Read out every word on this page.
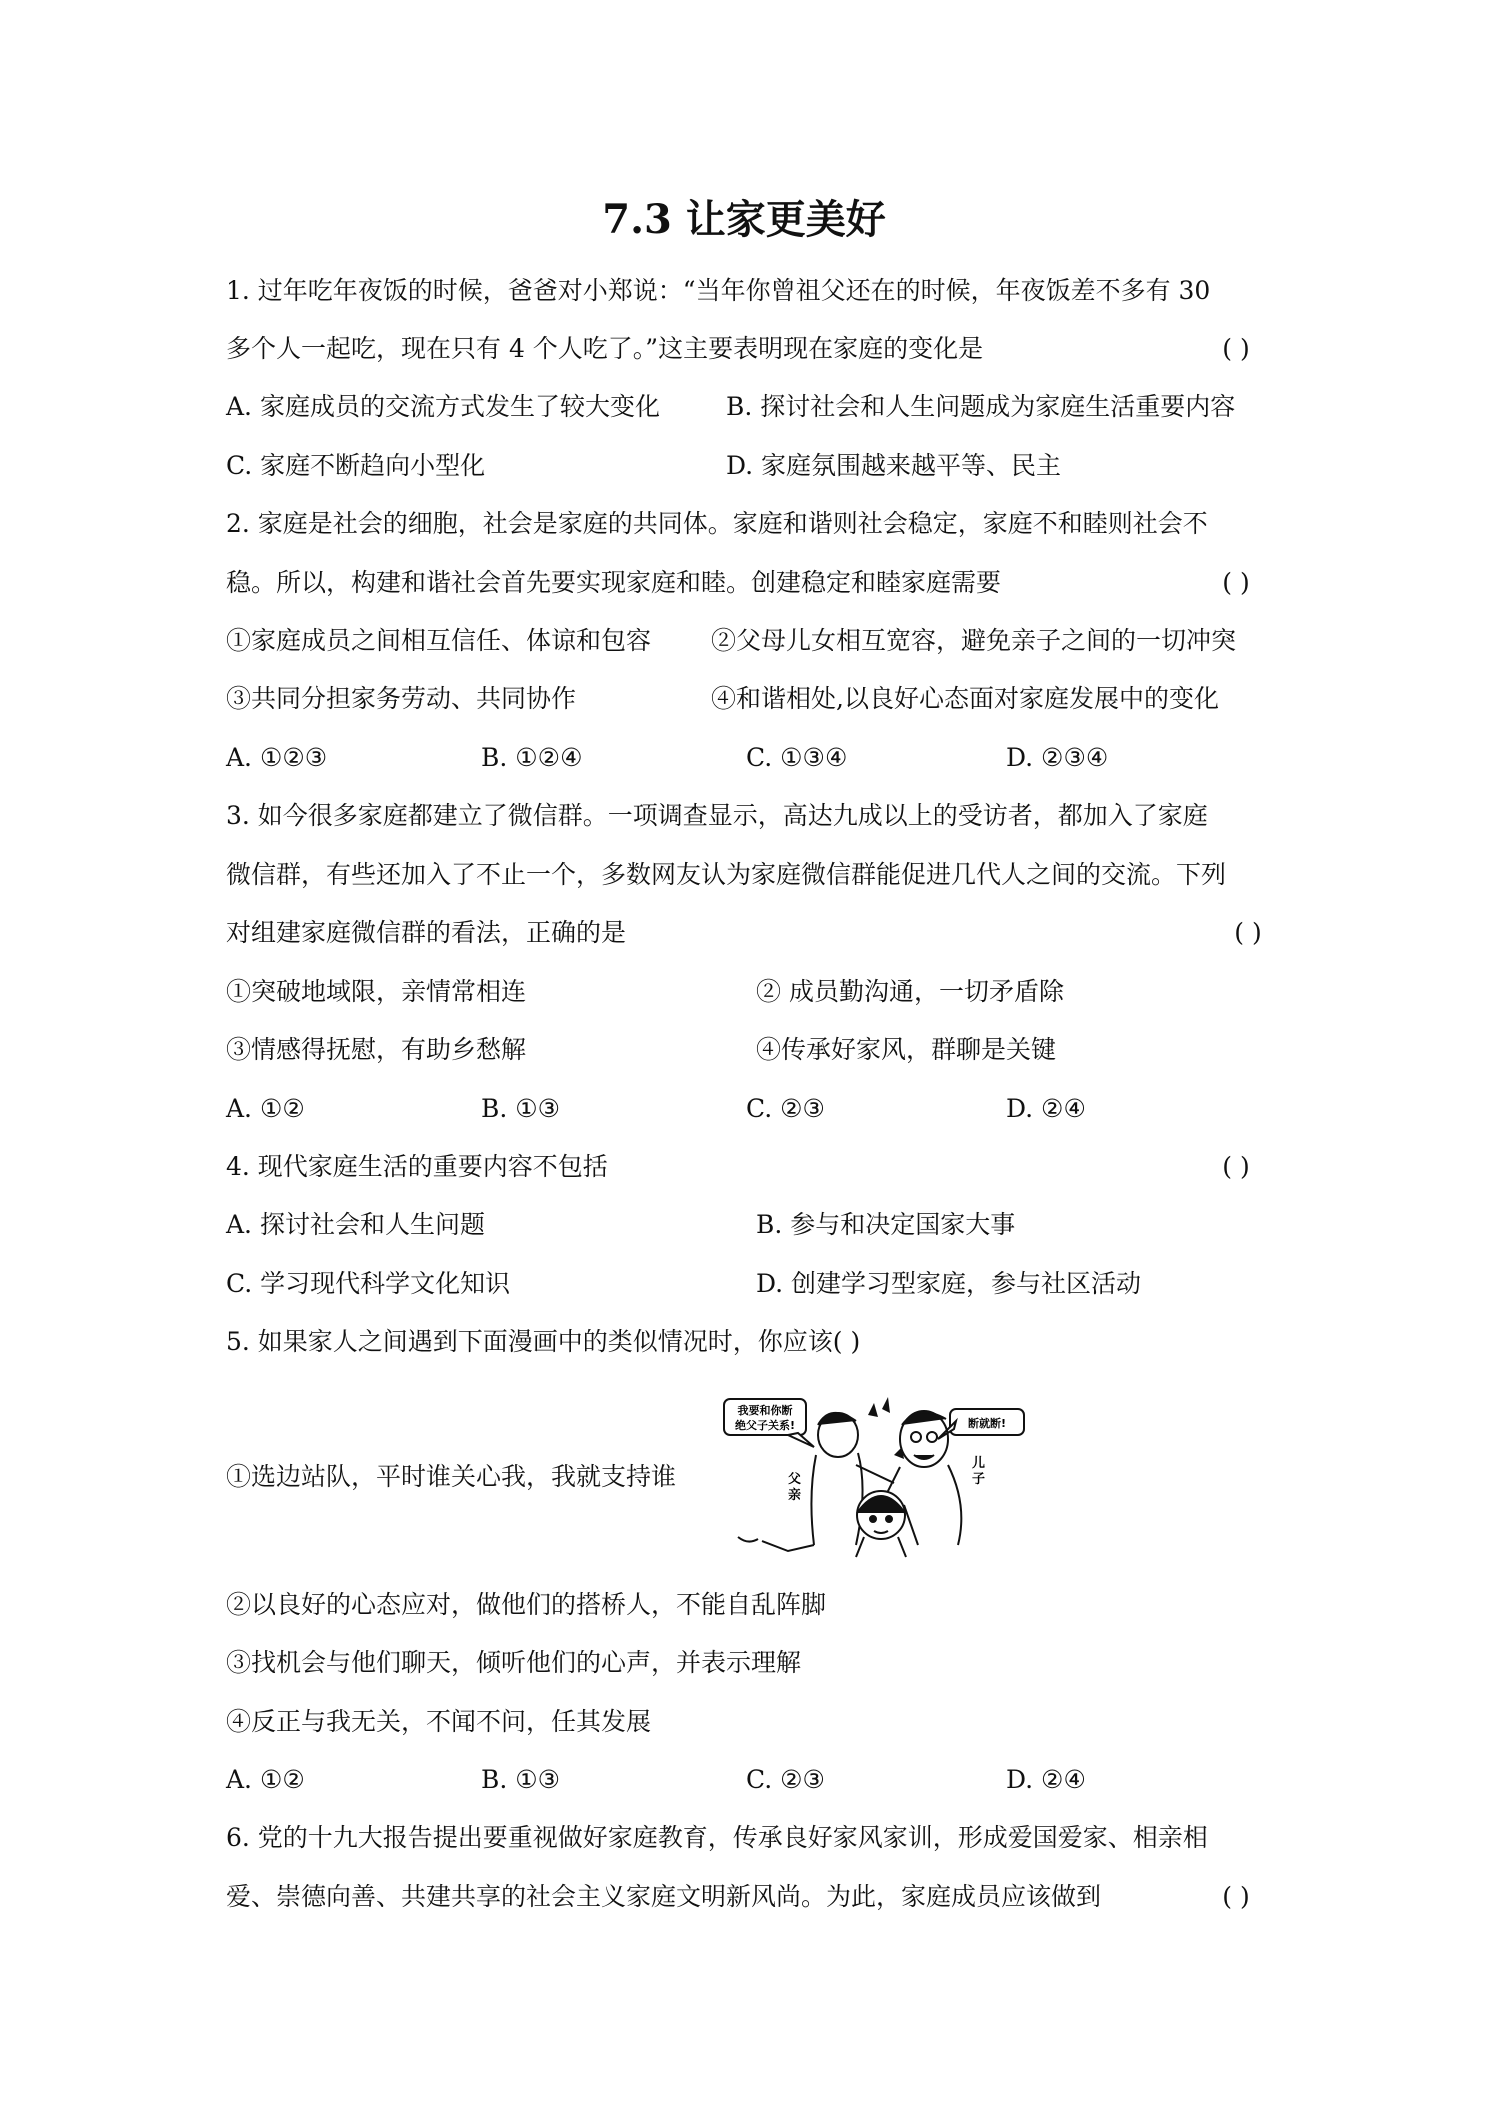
7.3 让家更美好
1. 过年吃年夜饭的时候，爸爸对小郑说：“当年你曾祖父还在的时候，年夜饭差不多有 30
多个人一起吃，现在只有 4 个人吃了。”这主要表明现在家庭的变化是	( )
A. 家庭成员的交流方式发生了较大变化	B. 探讨社会和人生问题成为家庭生活重要内容
C. 家庭不断趋向小型化	D. 家庭氛围越来越平等、民主
2. 家庭是社会的细胞，社会是家庭的共同体。家庭和谐则社会稳定，家庭不和睦则社会不
稳。所以，构建和谐社会首先要实现家庭和睦。创建稳定和睦家庭需要	( )
①家庭成员之间相互信任、体谅和包容 ②父母儿女相互宽容，避免亲子之间的一切冲突
③共同分担家务劳动、共同协作	④和谐相处,以良好心态面对家庭发展中的变化
A. ①②③	B. ①②④	C. ①③④	D. ②③④
3. 如今很多家庭都建立了微信群。一项调查显示，高达九成以上的受访者，都加入了家庭
微信群，有些还加入了不止一个，多数网友认为家庭微信群能促进几代人之间的交流。下列
对组建家庭微信群的看法，正确的是	( )
①突破地域限，亲情常相连	② 成员勤沟通，一切矛盾除
③情感得抚慰，有助乡愁解	④传承好家风，群聊是关键
A. ①②	B. ①③	C. ②③	D. ②④
4. 现代家庭生活的重要内容不包括	( )
A. 探讨社会和人生问题	B. 参与和决定国家大事
C. 学习现代科学文化知识	D. 创建学习型家庭，参与社区活动
5. 如果家人之间遇到下面漫画中的类似情况时，你应该( )
①选边站队，平时谁关心我，我就支持谁
我要和你断
绝父子关系!	断就断!
父
亲
儿
子
②以良好的心态应对，做他们的搭桥人，不能自乱阵脚
③找机会与他们聊天，倾听他们的心声，并表示理解
④反正与我无关，不闻不问，任其发展
A. ①②	B. ①③	C. ②③	D. ②④
6. 党的十九大报告提出要重视做好家庭教育，传承良好家风家训，形成爱国爱家、相亲相
爱、崇德向善、共建共享的社会主义家庭文明新风尚。为此，家庭成员应该做到	( )
